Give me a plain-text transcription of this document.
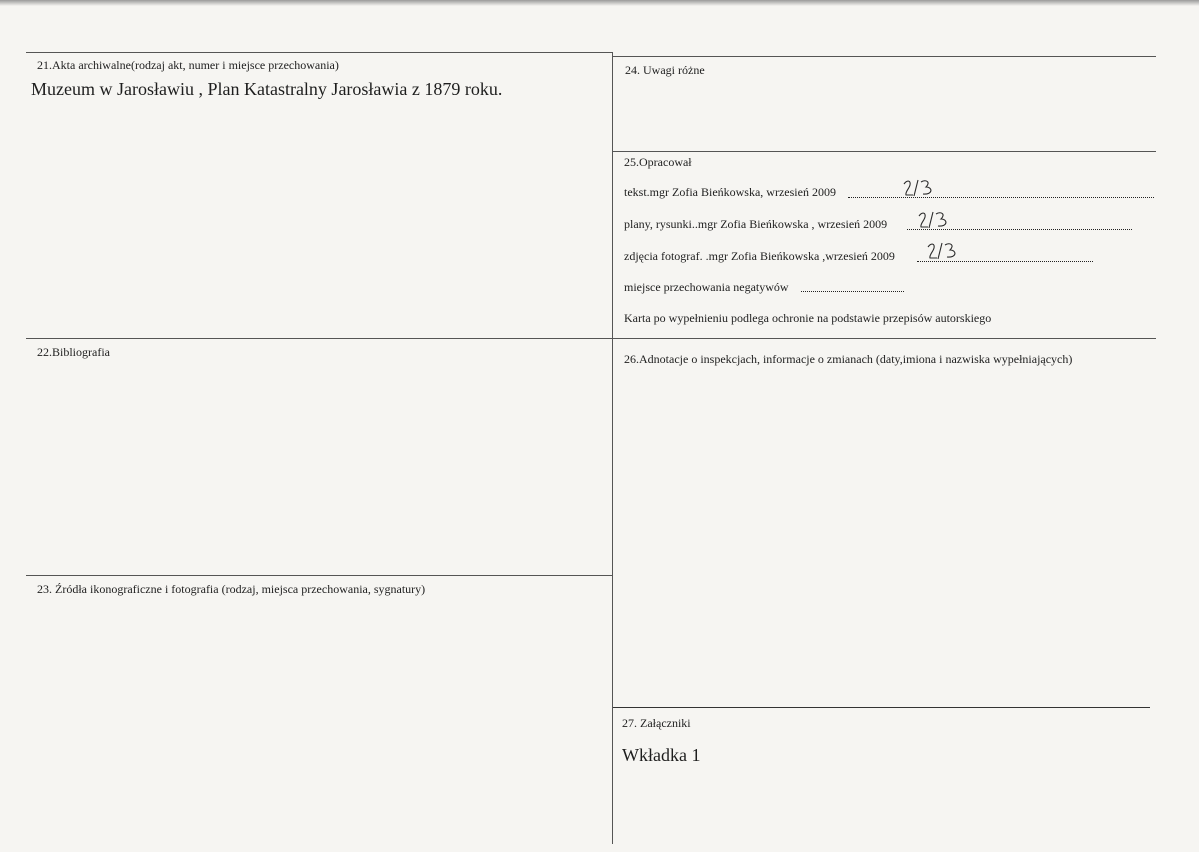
21.Akta archiwalne(rodzaj akt, numer i miejsce przechowania)
Muzeum w Jarosławiu , Plan Katastralny Jarosławia z 1879 roku.
24. Uwagi różne
25.Opracował
tekst.mgr Zofia Bieńkowska, wrzesień 2009
plany, rysunki..mgr Zofia Bieńkowska , wrzesień 2009
zdjęcia fotograf. .mgr Zofia Bieńkowska ,wrzesień 2009
miejsce przechowania negatywów
Karta po wypełnieniu podlega ochronie na podstawie przepisów autorskiego
22.Bibliografia	26.Adnotacje o inspekcjach, informacje o zmianach (daty,imiona i nazwiska wypełniających)
23. Źródła ikonograficzne i fotografia (rodzaj, miejsca przechowania, sygnatury)
27. Załączniki
Wkładka 1
